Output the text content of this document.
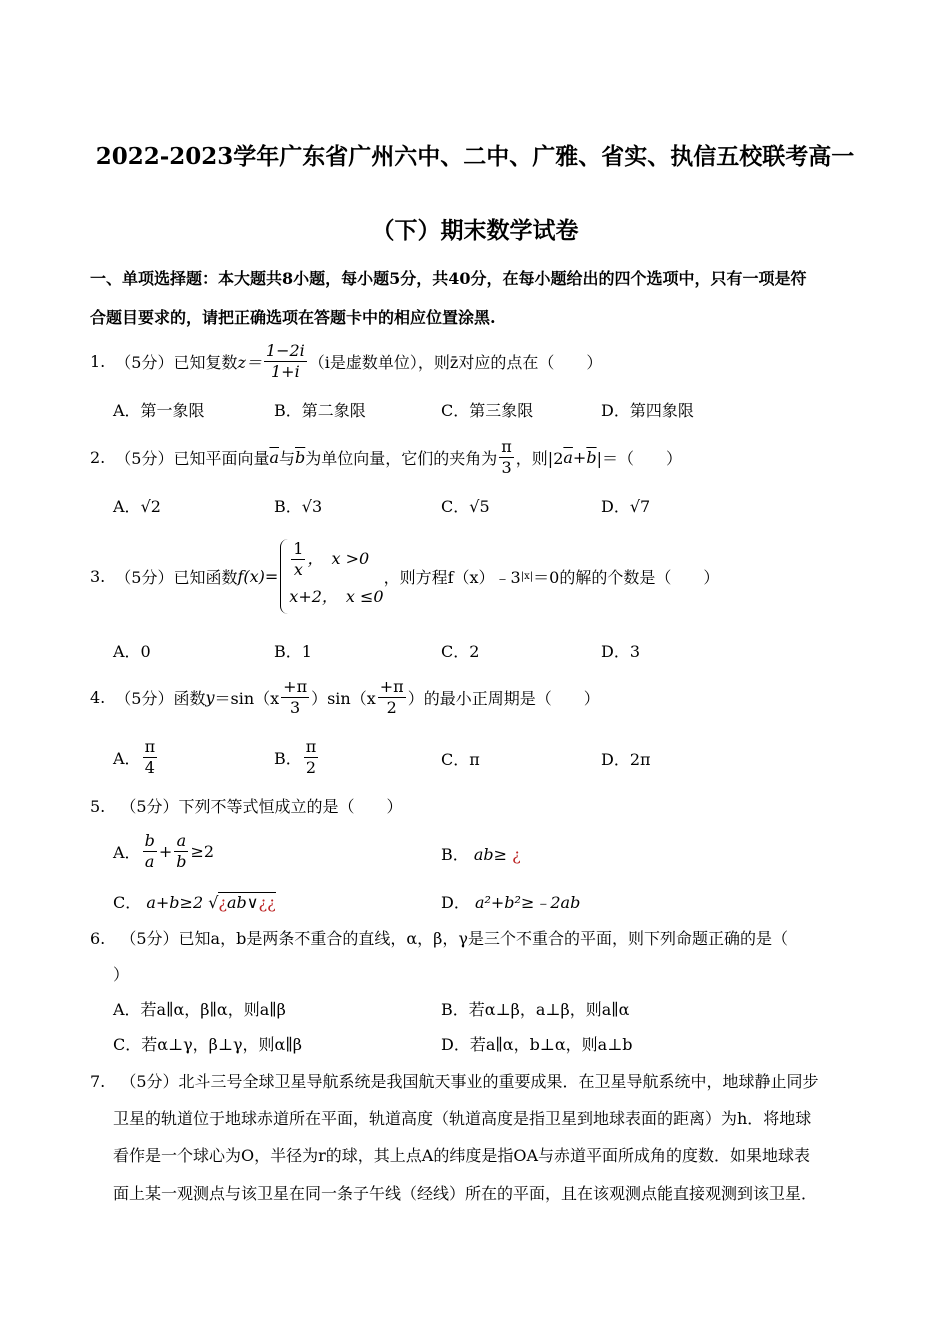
2022-2023学年广东省广州六中、二中、广雅、省实、执信五校联考高一
（下）期末数学试卷
一、单项选择题：本大题共8小题，每小题5分，共40分，在每小题给出的四个选项中，只有一项是符
合题目要求的，请把正确选项在答题卡中的相应位置涂黑.
1. （5分）已知复数 $z= \frac{1-2i}{1+i} (i$是虚数单位），则z̄对应的点在（　　）
A．第一象限	B．第二象限	C．第三象限	D．第四象限
2. （5分）已知平面向量 $\overline{a}$ 与 $\overline{b}$ 为单位向量，它们的夹角为 $\frac{\pi}{3}$ ，则|2 $\overline{a} + \overline{b}$ |＝（　　）
A．√2	B．√3	C．√5	D．√7
3. （5分）已知函数 $f(x)= \frac{1}{x}$ ，　x >0
x+2，　x ≤0
，则方程f（x）﹣3 |x| ＝0的解的个数是（　　）
A．0	B．1	C．2	D．3
4. （5分）函数 $y =\sin(x \frac{+\pi}{3} )\sin(x \frac{+\pi}{2}$ ）的最小正周期是（　　）
A． $\frac{\pi}{4}$	B． $\frac{\pi}{2}$	C．π	D．2π
5. （5分）下列不等式恒成立的是（　　）
A． $\frac{b}{a} + \frac{a}{b} \ge 2$	B． ab≥ ¿
C． a+b≥2 √¿ab∨¿¿	D． a²+b²≥﹣2ab
6. （5分）已知a，b是两条不重合的直线，α，β，γ是三个不重合的平面，则下列命题正确的是（
）
A．若a∥α，β∥α，则a∥β	B．若α⊥β，a⊥β，则a∥α
C．若α⊥γ，β⊥γ，则α∥β	D．若a∥α，b⊥α，则a⊥b
7. （5分）北斗三号全球卫星导航系统是我国航天事业的重要成果．在卫星导航系统中，地球静止同步
卫星的轨道位于地球赤道所在平面，轨道高度（轨道高度是指卫星到地球表面的距离）为h．将地球
看作是一个球心为O，半径为r的球，其上点A的纬度是指OA与赤道平面所成角的度数．如果地球表
面上某一观测点与该卫星在同一条子午线（经线）所在的平面，且在该观测点能直接观测到该卫星．
